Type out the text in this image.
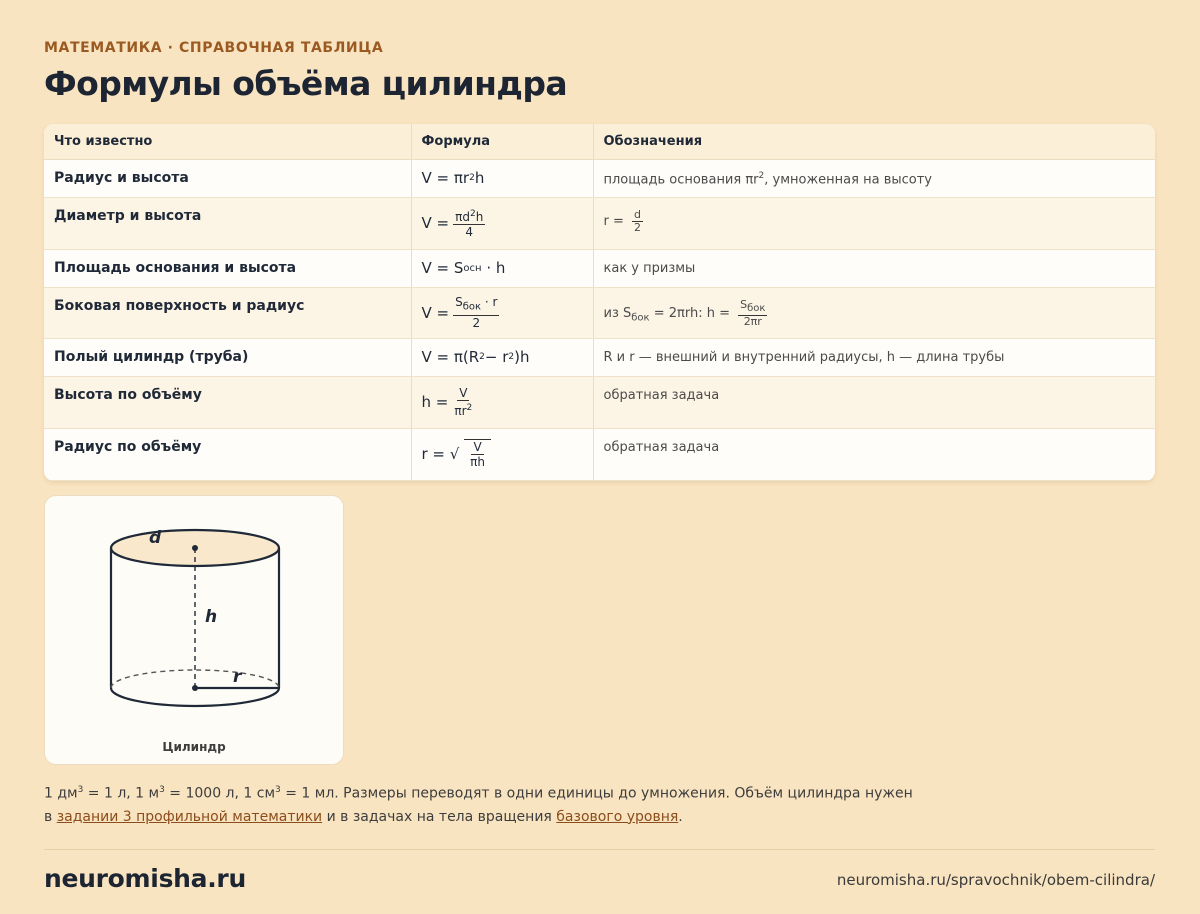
МАТЕМАТИКА · СПРАВОЧНАЯ ТАБЛИЦА
Формулы объёма цилиндра
Что известно	Формула	Обозначения
Радиус и высота	V = πr 2 h	площадь основания $\pi r^2$, умноженная на высоту
Диаметр и высота	$V = \frac{\pi d^2h}{4}$	$r = \frac{d}{2}$

Площадь основания и высота	V = S осн · h	как у призмы
Боковая поверхность и радиус	$V = \frac{S_{бок} \cdot r}{2}$	из $S_{бок} = 2\pi rh$: $h = \frac{S_{бок}}{2\pi r}$

Полый цилиндр (труба)	V = π(R 2 − r 2 )h	R и r — внешний и внутренний радиусы, h — длина трубы
Высота по объёму	$h = \frac{V}{\pi r^2}$	обратная задача
Радиус по объёму	r = √ $\frac{V}{\pi h}$	обратная задача
d
h
r
Цилиндр
1 $дм^3 = 1$ л, 1 $м^3 = 1000$ л, 1 $см^3 = 1$ мл. Размеры переводят в одни единицы до умножения. Объём цилиндра нужен в задании 3 профильной математики и в задачах на тела вращения базового уровня.
neuromisha.ru	neuromisha.ru/spravochnik/obem-cilindra/
